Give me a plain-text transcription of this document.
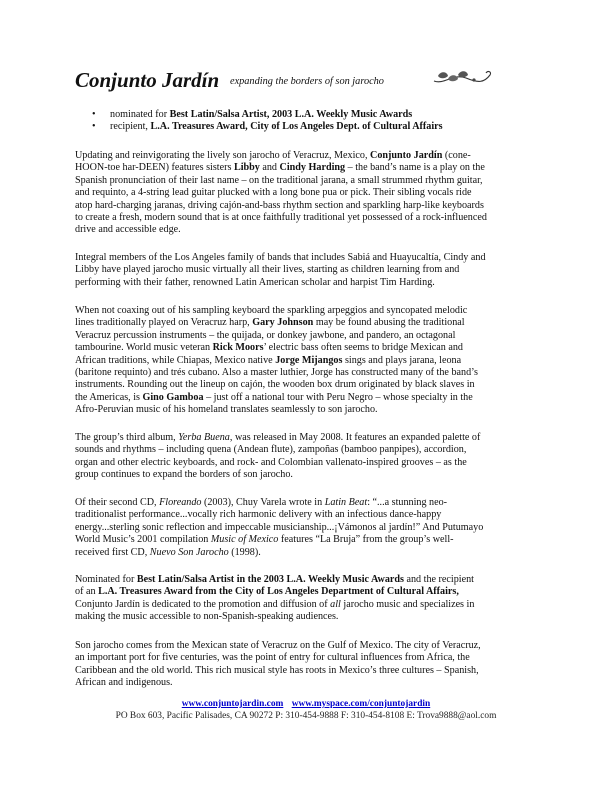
Conjunto Jardín expanding the borders of son jarocho
• nominated for Best Latin/Salsa Artist, 2003 L.A. Weekly Music Awards
• recipient, L.A. Treasures Award, City of Los Angeles Dept. of Cultural Affairs

Updating and reinvigorating the lively son jarocho of Veracruz, Mexico, Conjunto Jardín (cone-
HOON-toe har-DEEN) features sisters Libby and Cindy Harding – the band’s name is a play on the
Spanish pronunciation of their last name – on the traditional jarana, a small strummed rhythm guitar,
and requinto, a 4-string lead guitar plucked with a long bone pua or pick. Their sibling vocals ride
atop hard-charging jaranas, driving cajón-and-bass rhythm section and sparkling harp-like keyboards
to create a fresh, modern sound that is at once faithfully traditional yet possessed of a rock-influenced
drive and accessible edge.

Integral members of the Los Angeles family of bands that includes Sabiá and Huayucaltía, Cindy and
Libby have played jarocho music virtually all their lives, starting as children learning from and
performing with their father, renowned Latin American scholar and harpist Tim Harding.

When not coaxing out of his sampling keyboard the sparkling arpeggios and syncopated melodic
lines traditionally played on Veracruz harp, Gary Johnson may be found abusing the traditional
Veracruz percussion instruments – the quijada, or donkey jawbone, and pandero, an octagonal
tambourine. World music veteran Rick Moors’ electric bass often seems to bridge Mexican and
African traditions, while Chiapas, Mexico native Jorge Mijangos sings and plays jarana, leona
(baritone requinto) and trés cubano. Also a master luthier, Jorge has constructed many of the band’s
instruments. Rounding out the lineup on cajón, the wooden box drum originated by black slaves in
the Americas, is Gino Gamboa – just off a national tour with Peru Negro – whose specialty in the
Afro-Peruvian music of his homeland translates seamlessly to son jarocho.

The group’s third album, Yerba Buena, was released in May 2008. It features an expanded palette of
sounds and rhythms – including quena (Andean flute), zampoñas (bamboo panpipes), accordion,
organ and other electric keyboards, and rock- and Colombian vallenato-inspired grooves – as the
group continues to expand the borders of son jarocho.

Of their second CD, Floreando (2003), Chuy Varela wrote in Latin Beat: “...a stunning neo-
traditionalist performance...vocally rich harmonic delivery with an infectious dance-happy
energy...sterling sonic reflection and impeccable musicianship...¡Vámonos al jardín!” And Putumayo
World Music’s 2001 compilation Music of Mexico features “La Bruja” from the group’s well-
received first CD, Nuevo Son Jarocho (1998).

Nominated for Best Latin/Salsa Artist in the 2003 L.A. Weekly Music Awards and the recipient
of an L.A. Treasures Award from the City of Los Angeles Department of Cultural Affairs,
Conjunto Jardín is dedicated to the promotion and diffusion of all jarocho music and specializes in
making the music accessible to non-Spanish-speaking audiences.

Son jarocho comes from the Mexican state of Veracruz on the Gulf of Mexico. The city of Veracruz,
an important port for five centuries, was the point of entry for cultural influences from Africa, the
Caribbean and the old world. This rich musical style has roots in Mexico’s three cultures – Spanish,
African and indigenous.

www.conjuntojardin.com www.myspace.com/conjuntojardin
PO Box 603, Pacific Palisades, CA 90272 P: 310-454-9888 F: 310-454-8108 E: Trova9888@aol.com
